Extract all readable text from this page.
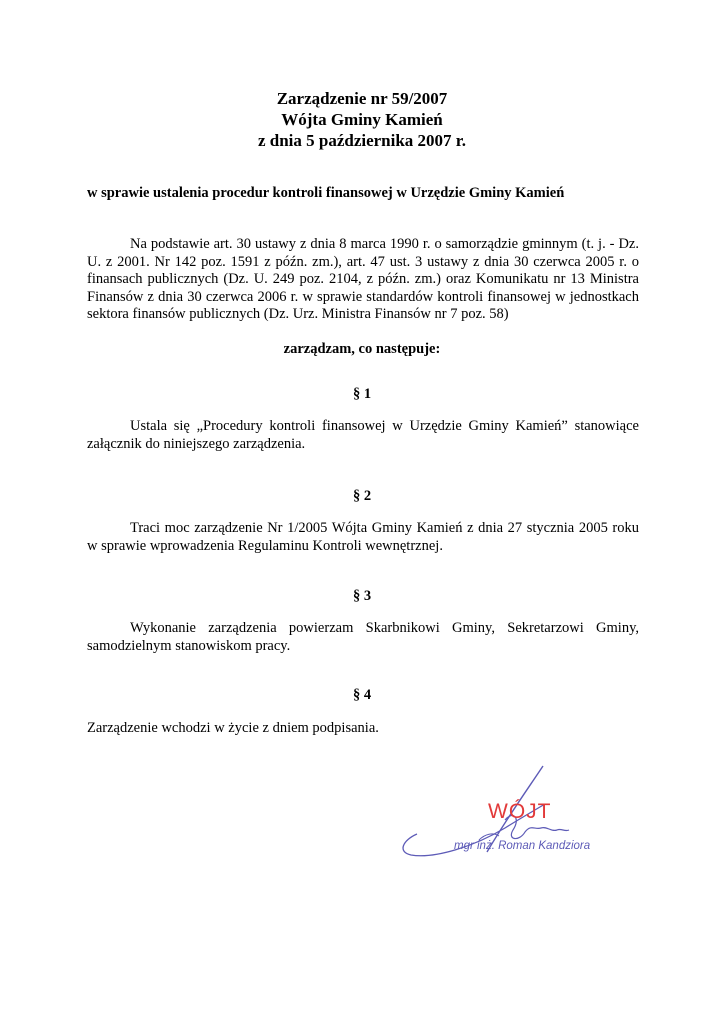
Zarządzenie nr 59/2007
Wójta Gminy Kamień
z dnia 5 października 2007 r.
w sprawie ustalenia procedur kontroli finansowej w Urzędzie Gminy Kamień
Na podstawie art. 30 ustawy z dnia 8 marca 1990 r. o samorządzie gminnym (t. j. - Dz. U. z 2001. Nr 142 poz. 1591 z późn. zm.), art. 47 ust. 3 ustawy z dnia 30 czerwca 2005 r. o finansach publicznych (Dz. U. 249 poz. 2104, z późn. zm.) oraz Komunikatu nr 13 Ministra Finansów z dnia 30 czerwca 2006 r. w sprawie standardów kontroli finansowej w jednostkach sektora finansów publicznych (Dz. Urz. Ministra Finansów nr 7 poz. 58)
zarządzam, co następuje:
§ 1
Ustala się „Procedury kontroli finansowej w Urzędzie Gminy Kamień” stanowiące załącznik do niniejszego zarządzenia.
§ 2
Traci moc zarządzenie Nr 1/2005 Wójta Gminy Kamień z dnia 27 stycznia 2005 roku w sprawie wprowadzenia Regulaminu Kontroli wewnętrznej.
§ 3
Wykonanie zarządzenia powierzam Skarbnikowi Gminy, Sekretarzowi Gminy, samodzielnym stanowiskom pracy.
§ 4
Zarządzenie wchodzi w życie z dniem podpisania.
WÓJT
mgr inż. Roman Kandziora
